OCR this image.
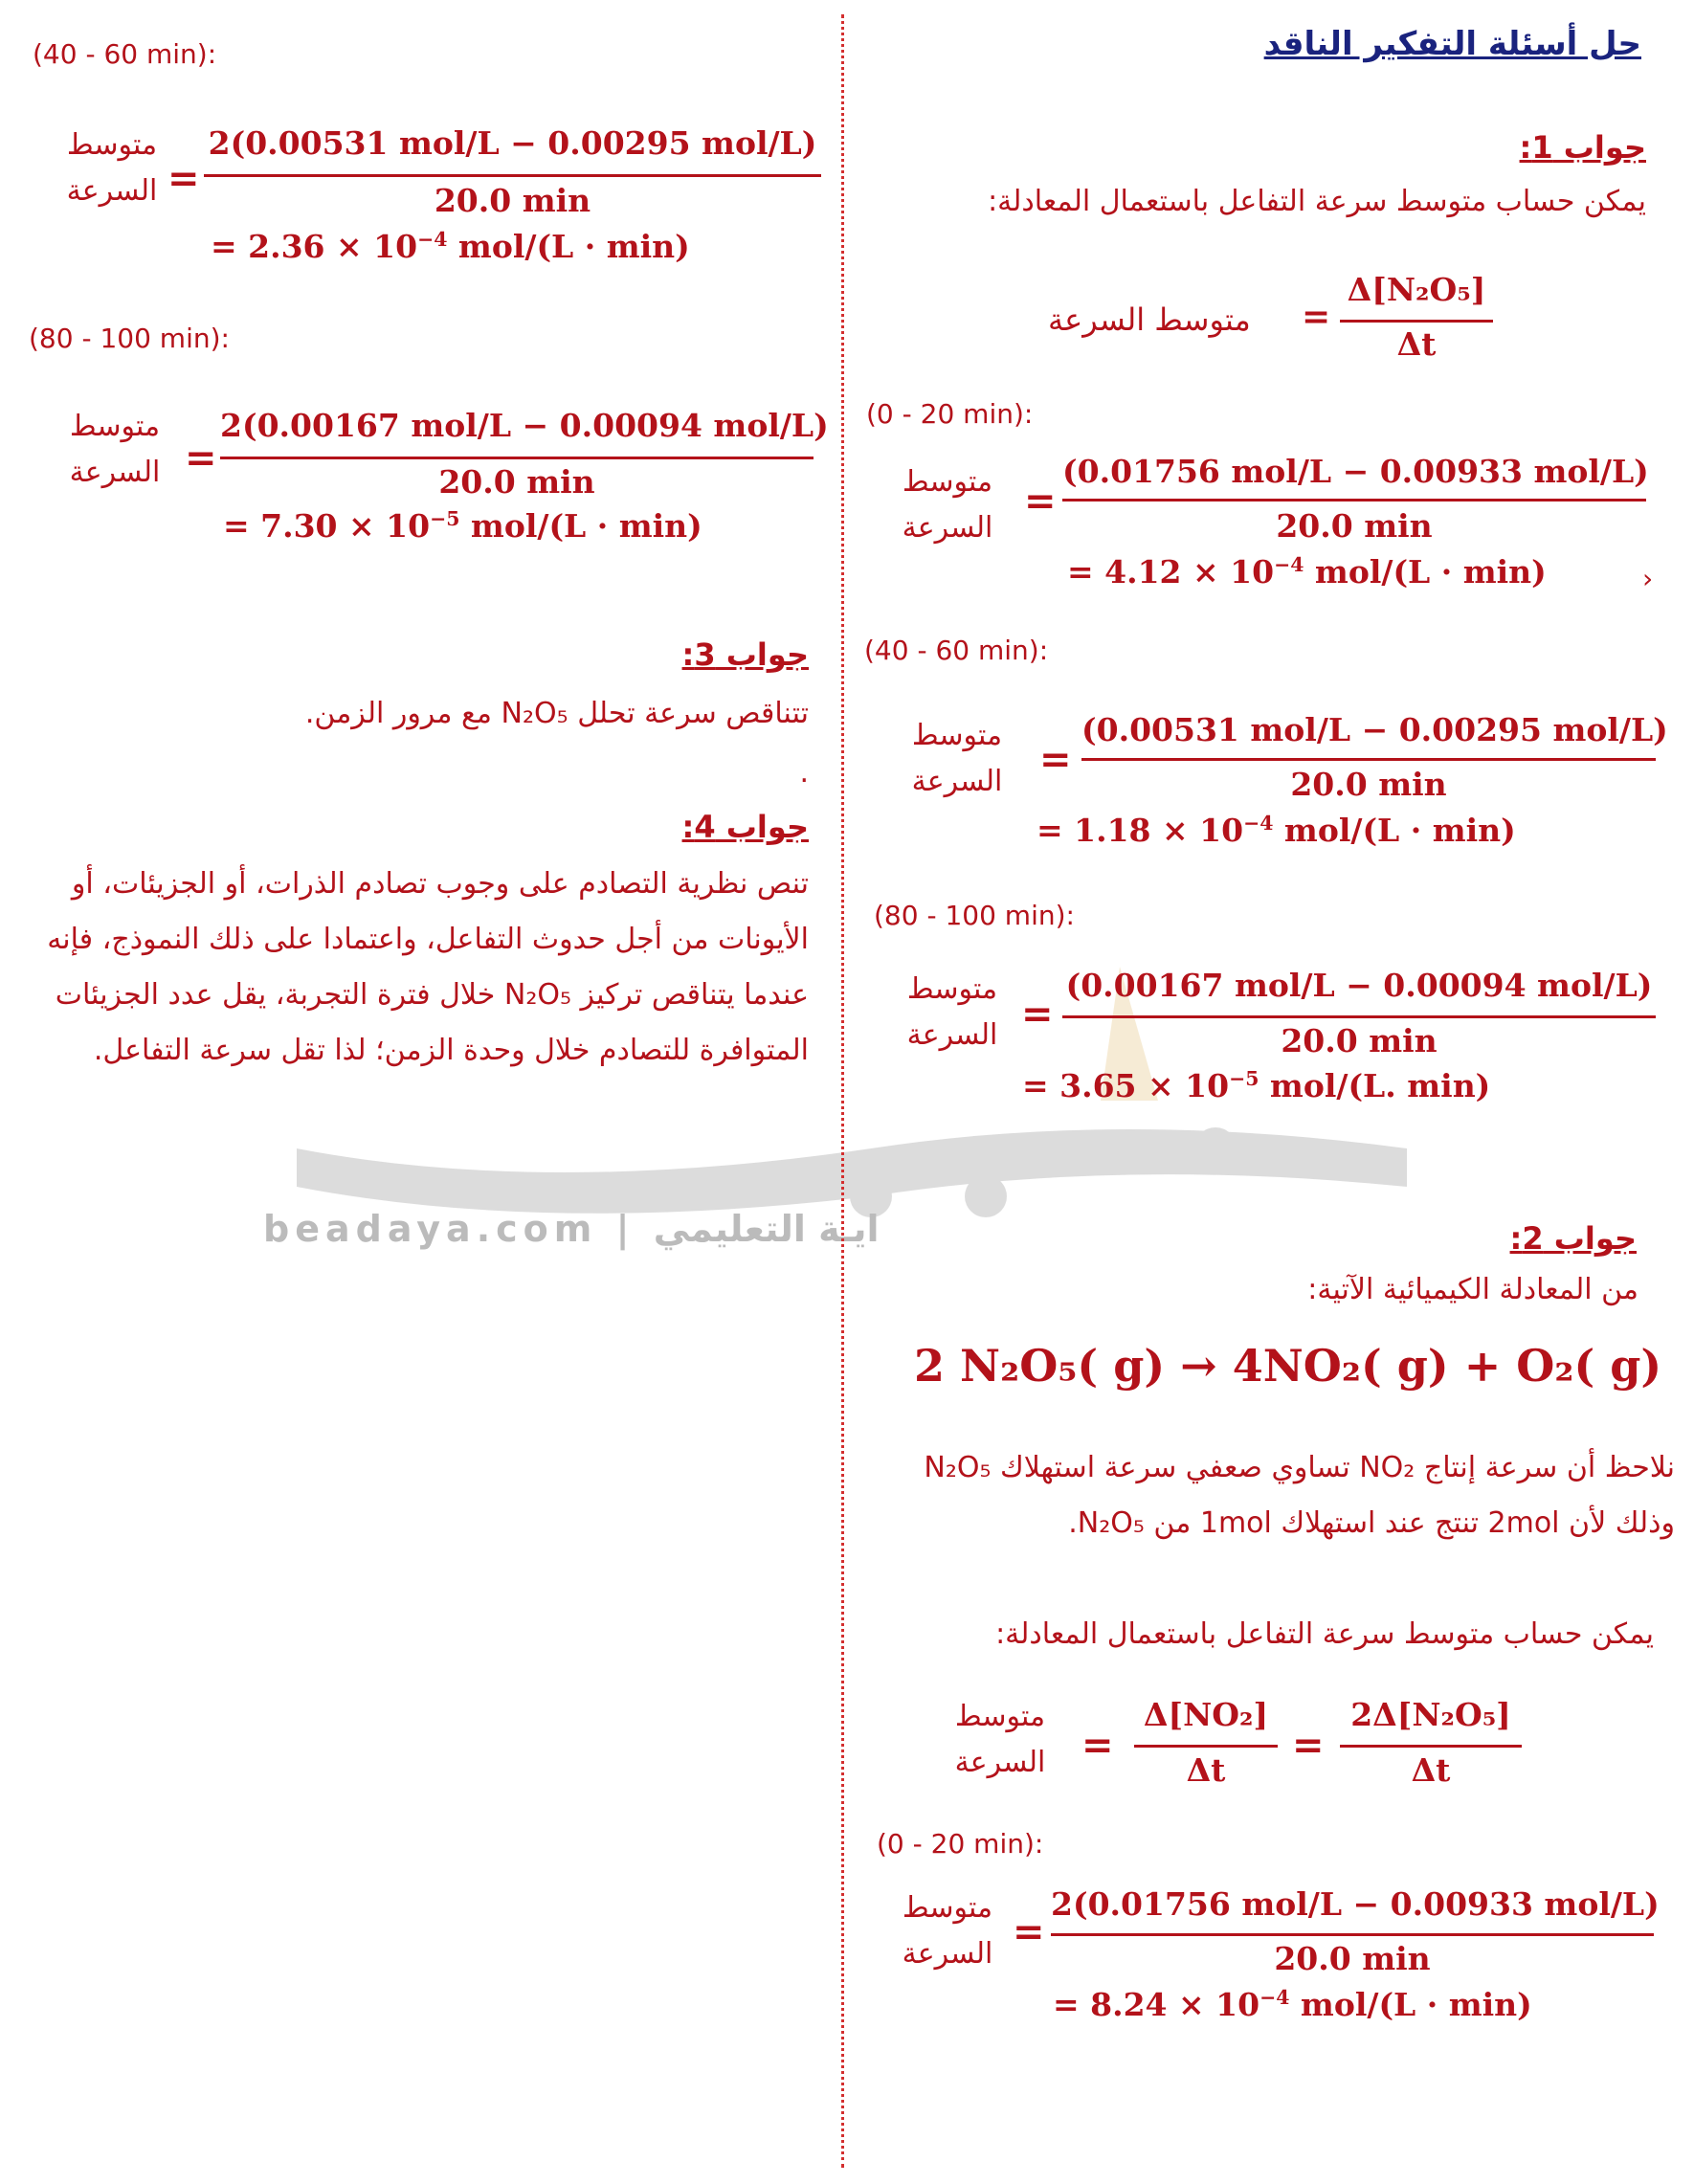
beadaya.com | ايـة التعليمي
حل أسئلة التفكير الناقد
جواب 1:
يمكن حساب متوسط سرعة التفاعل باستعمال المعادلة:
متوسط السرعة =
Δ[N₂O₅]
Δt
(0 - 20 min):
متوسط
السرعة
=
(0.01756 mol/L − 0.00933 mol/L)
20.0 min
= $4.12 \times 10^{-4}$ mol/(L · min)	›
(40 - 60 min):
متوسط
السرعة =
(0.00531 mol/L − 0.00295 mol/L)
20.0 min
= $1.18 \times 10^{-4}$ mol/(L · min)
(80 - 100 min):
متوسط
السرعة =
(0.00167 mol/L − 0.00094 mol/L)
20.0 min
= $3.65 \times 10^{-5}$ mol/(L. min)
جواب 2:
من المعادلة الكيميائية الآتية:
2 N₂O₅( g) → 4NO₂( g) + O₂( g)
نلاحظ أن سرعة إنتاج NO₂ تساوي صعفي سرعة استهلاك N₂O₅ وذلك لأن 2mol تنتج عند استهلاك 1mol من N₂O₅.
يمكن حساب متوسط سرعة التفاعل باستعمال المعادلة:
متوسط
السرعة =
Δ[NO₂]
Δt
=
2Δ[N₂O₅]
Δt
(0 - 20 min):
متوسط
السرعة =
2(0.01756 mol/L − 0.00933 mol/L)
20.0 min
= $8.24 \times 10^{-4}$ mol/(L · min)
(40 - 60 min):
متوسط
السرعة =
2(0.00531 mol/L − 0.00295 mol/L)
20.0 min
= $2.36 \times 10^{-4}$ mol/(L · min)
(80 - 100 min):
متوسط
السرعة =
2(0.00167 mol/L − 0.00094 mol/L)
20.0 min
= $7.30 \times 10^{-5}$ mol/(L · min)
جواب 3:
تتناقص سرعة تحلل N₂O₅ مع مرور الزمن.
.
جواب 4:
تنص نظرية التصادم على وجوب تصادم الذرات، أو الجزيئات، أو الأيونات من أجل حدوث التفاعل، واعتمادا على ذلك النموذج، فإنه عندما يتناقص تركيز N₂O₅ خلال فترة التجربة، يقل عدد الجزيئات المتوافرة للتصادم خلال وحدة الزمن؛ لذا تقل سرعة التفاعل.
